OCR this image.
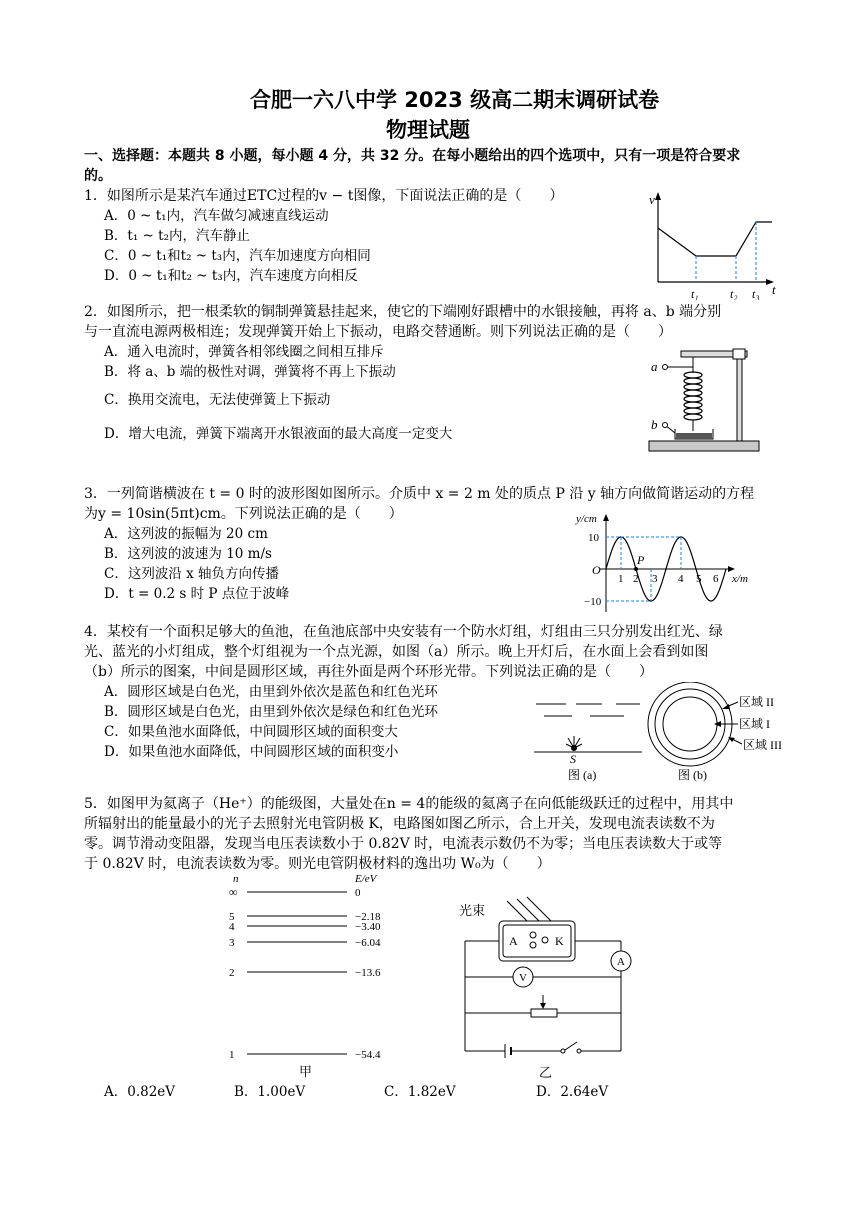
合肥一六八中学 2023 级高二期末调研试卷
物理试题
一、选择题：本题共 8 小题，每小题 4 分，共 32 分。在每小题给出的四个选项中，只有一项是符合要求
的。
1．如图所示是某汽车通过ETC过程的v − t图像，下面说法正确的是（　　）
A．0 ~ t₁内，汽车做匀减速直线运动
B．t₁ ~ t₂内，汽车静止
C．0 ~ t₁和t₂ ~ t₃内，汽车加速度方向相同
D．0 ~ t₁和t₂ ~ t₃内，汽车速度方向相反
v
t
t₁	t₂ t₃
2．如图所示，把一根柔软的铜制弹簧悬挂起来，使它的下端刚好跟槽中的水银接触，再将 a、b 端分别
与一直流电源两极相连；发现弹簧开始上下振动，电路交替通断。则下列说法正确的是（　　）
A．通入电流时，弹簧各相邻线圈之间相互排斥
B．将 a、b 端的极性对调，弹簧将不再上下振动
C．换用交流电，无法使弹簧上下振动
D．增大电流，弹簧下端离开水银液面的最大高度一定变大
a
b
3．一列简谐横波在 t = 0 时的波形图如图所示。介质中 x = 2 m 处的质点 P 沿 y 轴方向做简谐运动的方程
为y = 10sin(5πt)cm。下列说法正确的是（　　）
A．这列波的振幅为 20 cm
B．这列波的波速为 10 m/s
C．这列波沿 x 轴负方向传播
D．t = 0.2 s 时 P 点位于波峰
y/cm
x/m
O
10
−10
1 2 3 4 5 6
P
4．某校有一个面积足够大的鱼池，在鱼池底部中央安装有一个防水灯组，灯组由三只分别发出红光、绿
光、蓝光的小灯组成，整个灯组视为一个点光源，如图（a）所示。晚上开灯后，在水面上会看到如图
（b）所示的图案，中间是圆形区域，再往外面是两个环形光带。下列说法正确的是（　　）
A．圆形区域是白色光，由里到外依次是蓝色和红色光环
B．圆形区域是白色光，由里到外依次是绿色和红色光环
C．如果鱼池水面降低，中间圆形区域的面积变大
D．如果鱼池水面降低，中间圆形区域的面积变小	S
图 (a)
区域 II
区域 I
区域 III
图 (b)
5．如图甲为氦离子（He⁺）的能级图，大量处在n = 4的能级的氦离子在向低能级跃迁的过程中，用其中
所辐射出的能量最小的光子去照射光电管阴极 K，电路图如图乙所示，合上开关，发现电流表读数不为
零。调节滑动变阻器，发现当电压表读数小于 0.82V 时，电流表示数仍不为零；当电压表读数大于或等
于 0.82V 时，电流表读数为零。则光电管阴极材料的逸出功 W₀为（　　）
n	E/eV
∞	0
5	−2.18
4	−3.40
3	−6.04
2	−13.6
1	−54.4
甲
光束
A	K
A
V
乙
A．0.82eV	B．1.00eV	C．1.82eV	D．2.64eV
